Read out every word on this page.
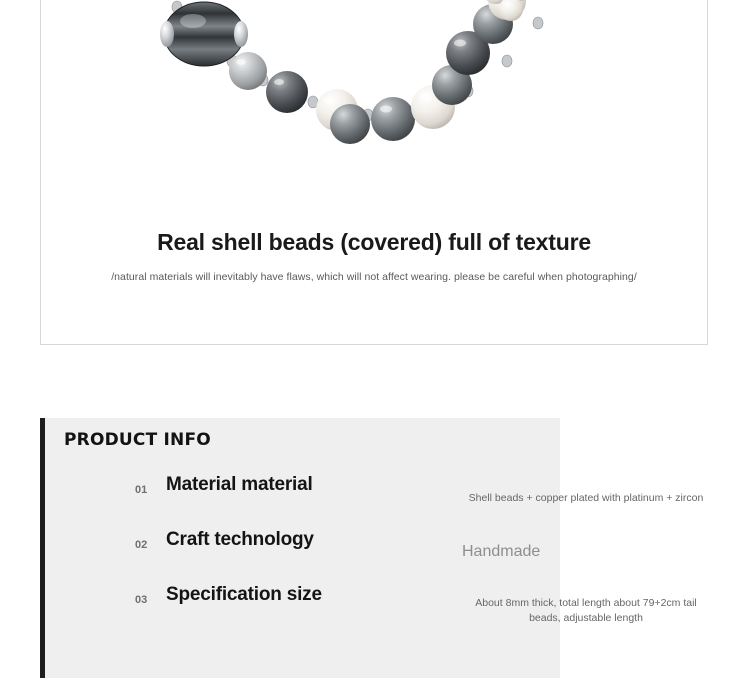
Real shell beads (covered) full of texture
/natural materials will inevitably have flaws, which will not affect wearing. please be careful when photographing/
PRODUCT INFO
01 Material material
Shell beads + copper plated with platinum + zircon
02 Craft technology
Handmade
03 Specification size	About 8mm thick, total length about 79+2cm tail beads, adjustable length
